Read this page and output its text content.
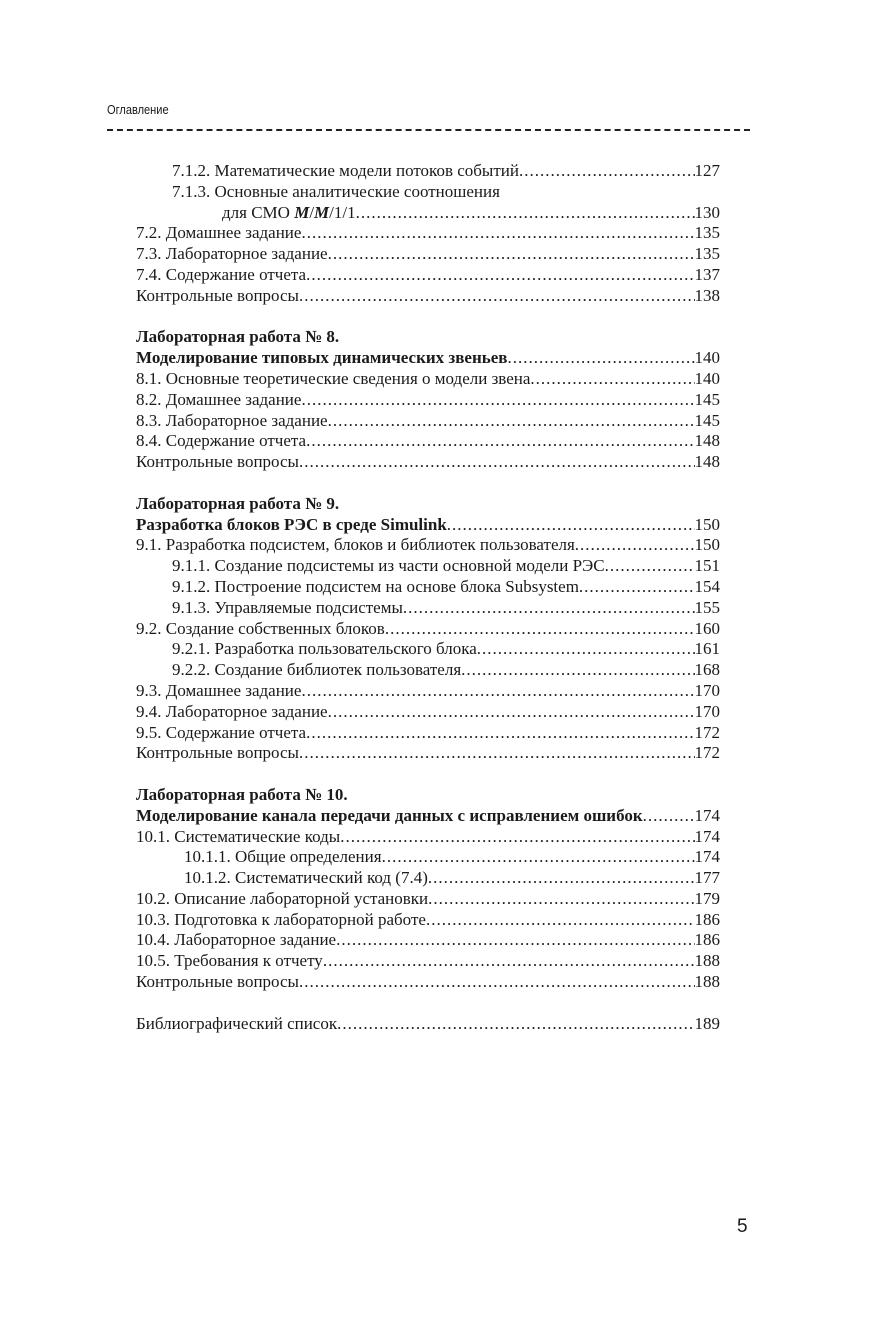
Оглавление
7.1.2. Математические модели потоков событий .....	127
7.1.3. Основные аналитические соотношения
для СМО M/M/1/1 .....	130
7.2. Домашнее задание .....	135
7.3. Лабораторное задание .....	135
7.4. Содержание отчета .....	137
Контрольные вопросы .....	138
Лабораторная работа № 8.
Моделирование типовых динамических звеньев .....	140
8.1. Основные теоретические сведения о модели звена .....	140
8.2. Домашнее задание .....	145
8.3. Лабораторное задание .....	145
8.4. Содержание отчета .....	148
Контрольные вопросы .....	148
Лабораторная работа № 9.
Разработка блоков РЭС в среде Simulink .....	150
9.1. Разработка подсистем, блоков и библиотек пользователя .....	150
9.1.1. Создание подсистемы из части основной модели РЭС .....	151
9.1.2. Построение подсистем на основе блока Subsystem .....	154
9.1.3. Управляемые подсистемы .....	155
9.2. Создание собственных блоков .....	160
9.2.1. Разработка пользовательского блока .....	161
9.2.2. Создание библиотек пользователя .....	168
9.3. Домашнее задание .....	170
9.4. Лабораторное задание .....	170
9.5. Содержание отчета .....	172
Контрольные вопросы .....	172
Лабораторная работа № 10.
Моделирование канала передачи данных с исправлением ошибок .....	174
10.1. Систематические коды .....	174
10.1.1. Общие определения .....	174
10.1.2. Систематический код (7.4) .....	177
10.2. Описание лабораторной установки .....	179
10.3. Подготовка к лабораторной работе .....	186
10.4. Лабораторное задание .....	186
10.5. Требования к отчету .....	188
Контрольные вопросы .....	188
Библиографический список .....	189
5
